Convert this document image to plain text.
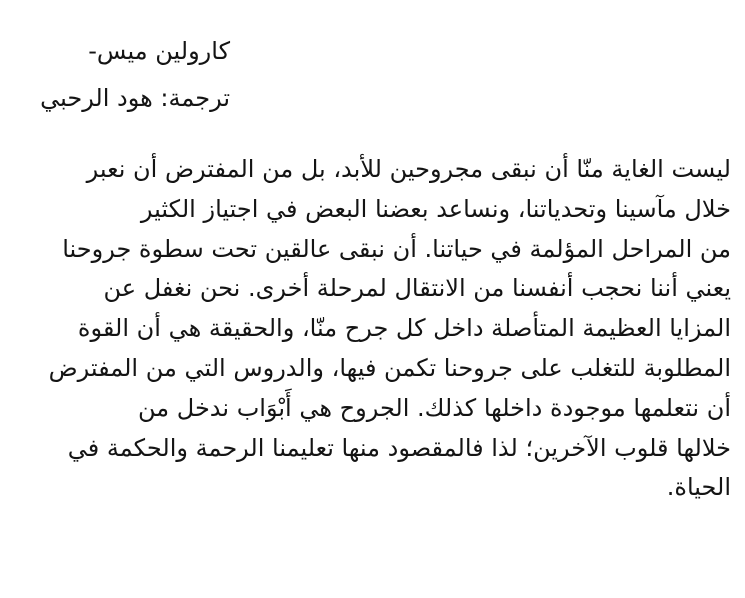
كارولين ميس-
ترجمة: هود الرحبي
ليست الغاية منّا أن نبقى مجروحين للأبد، بل من المفترض أن نعبر
خلال مآسينا وتحدياتنا، ونساعد بعضنا البعض في اجتياز الكثير
من المراحل المؤلمة في حياتنا. أن نبقى عالقين تحت سطوة جروحنا
يعني أننا نحجب أنفسنا من الانتقال لمرحلة أخرى. نحن نغفل عن
المزايا العظيمة المتأصلة داخل كل جرح منّا، والحقيقة هي أن القوة
المطلوبة للتغلب على جروحنا تكمن فيها، والدروس التي من المفترض
أن نتعلمها موجودة داخلها كذلك. الجروح هي أَبْوَاب ندخل من
خلالها قلوب الآخرين؛ لذا فالمقصود منها تعليمنا الرحمة والحكمة في
الحياة.
